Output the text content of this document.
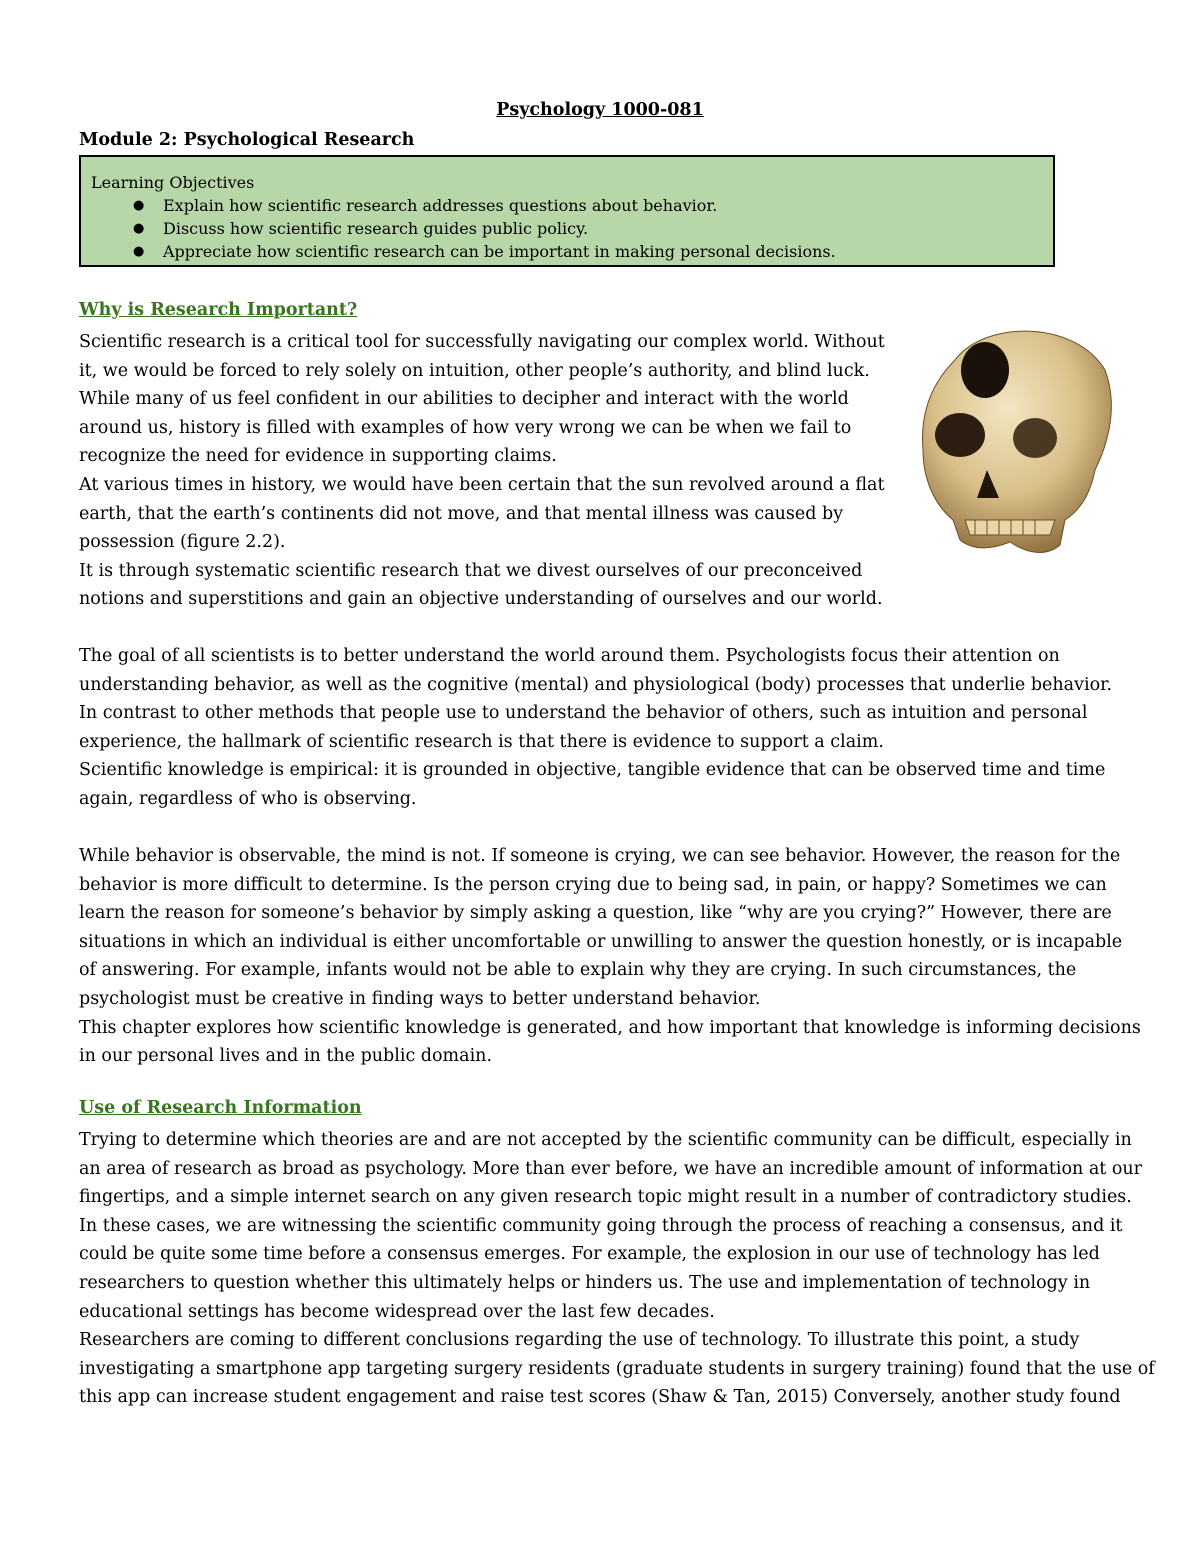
Psychology 1000-081
Module 2: Psychological Research
Learning Objectives
● Explain how scientific research addresses questions about behavior.
● Discuss how scientific research guides public policy.
● Appreciate how scientific research can be important in making personal decisions.
Why is Research Important?

Scientific research is a critical tool for successfully navigating our complex world. Without

it, we would be forced to rely solely on intuition, other people’s authority, and blind luck.

While many of us feel confident in our abilities to decipher and interact with the world

around us, history is filled with examples of how very wrong we can be when we fail to

recognize the need for evidence in supporting claims.

At various times in history, we would have been certain that the sun revolved around a flat

earth, that the earth’s continents did not move, and that mental illness was caused by

possession (figure 2.2).

It is through systematic scientific research that we divest ourselves of our preconceived

notions and superstitions and gain an objective understanding of ourselves and our world.

The goal of all scientists is to better understand the world around them. Psychologists focus their attention on

understanding behavior, as well as the cognitive (mental) and physiological (body) processes that underlie behavior.

In contrast to other methods that people use to understand the behavior of others, such as intuition and personal

experience, the hallmark of scientific research is that there is evidence to support a claim.

Scientific knowledge is empirical: it is grounded in objective, tangible evidence that can be observed time and time

again, regardless of who is observing.

While behavior is observable, the mind is not. If someone is crying, we can see behavior. However, the reason for the

behavior is more difficult to determine. Is the person crying due to being sad, in pain, or happy? Sometimes we can

learn the reason for someone’s behavior by simply asking a question, like “why are you crying?” However, there are

situations in which an individual is either uncomfortable or unwilling to answer the question honestly, or is incapable

of answering. For example, infants would not be able to explain why they are crying. In such circumstances, the

psychologist must be creative in finding ways to better understand behavior.

This chapter explores how scientific knowledge is generated, and how important that knowledge is informing decisions

in our personal lives and in the public domain.

Use of Research Information

Trying to determine which theories are and are not accepted by the scientific community can be difficult, especially in

an area of research as broad as psychology. More than ever before, we have an incredible amount of information at our

fingertips, and a simple internet search on any given research topic might result in a number of contradictory studies.

In these cases, we are witnessing the scientific community going through the process of reaching a consensus, and it

could be quite some time before a consensus emerges. For example, the explosion in our use of technology has led

researchers to question whether this ultimately helps or hinders us. The use and implementation of technology in

educational settings has become widespread over the last few decades.

Researchers are coming to different conclusions regarding the use of technology. To illustrate this point, a study

investigating a smartphone app targeting surgery residents (graduate students in surgery training) found that the use of

this app can increase student engagement and raise test scores (Shaw & Tan, 2015) Conversely, another study found
